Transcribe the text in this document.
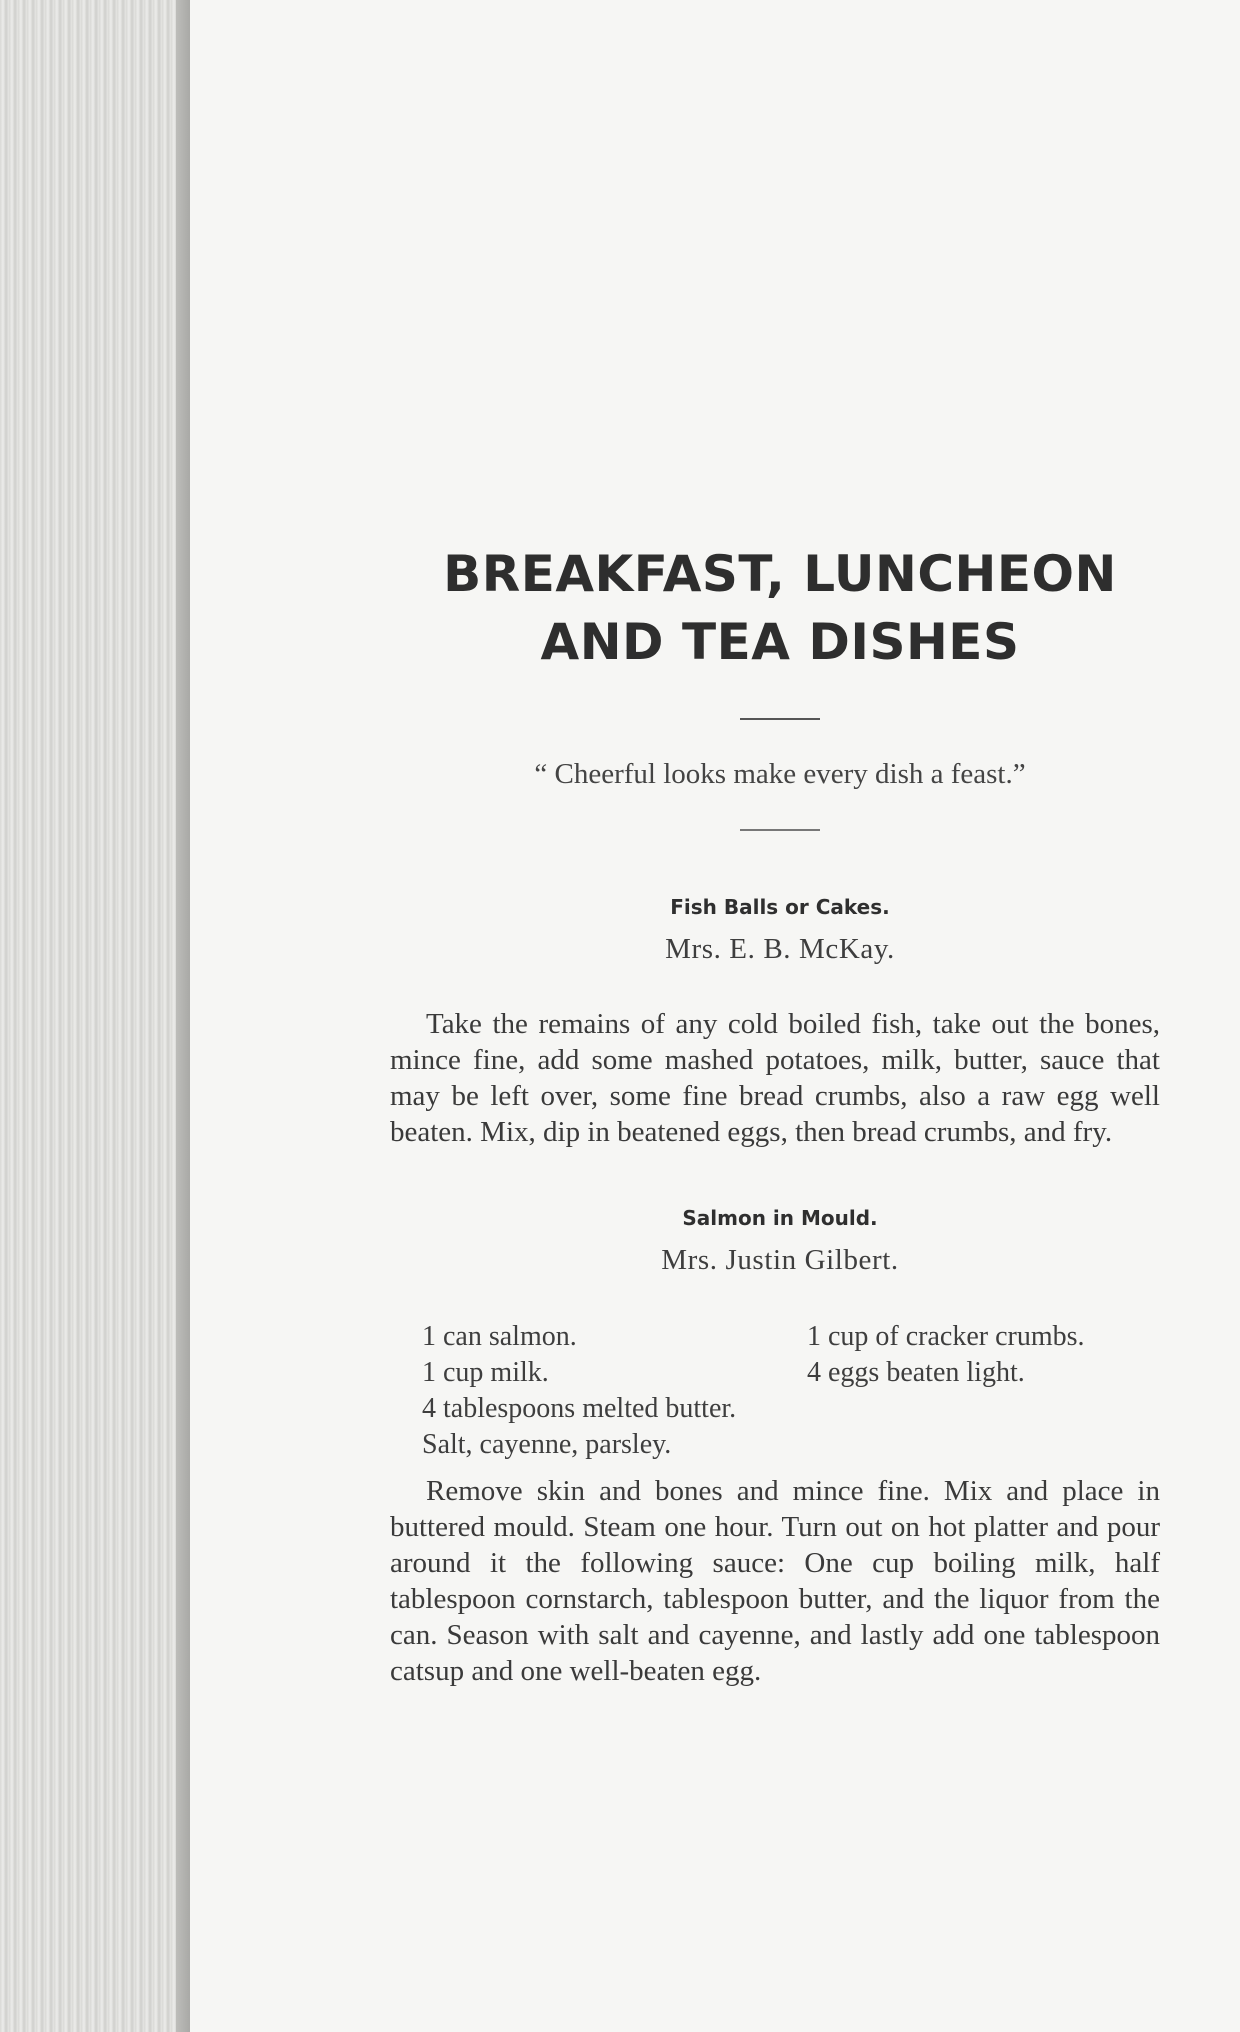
BREAKFAST, LUNCHEON AND TEA DISHES
“ Cheerful looks make every dish a feast.”
Fish Balls or Cakes.
Mrs. E. B. McKay.

Take the remains of any cold boiled fish, take out the bones, mince fine, add some mashed potatoes, milk, butter, sauce that may be left over, some fine bread crumbs, also a raw egg well beaten. Mix, dip in beatened eggs, then bread crumbs, and fry.

Salmon in Mould.
Mrs. Justin Gilbert.
1 can salmon.	1 cup of cracker crumbs.
1 cup milk.	4 eggs beaten light.
4 tablespoons melted butter.
Salt, cayenne, parsley.

Remove skin and bones and mince fine. Mix and place in buttered mould. Steam one hour. Turn out on hot platter and pour around it the following sauce: One cup boiling milk, half tablespoon cornstarch, tablespoon butter, and the liquor from the can. Season with salt and cayenne, and lastly add one tablespoon catsup and one well-beaten egg.
